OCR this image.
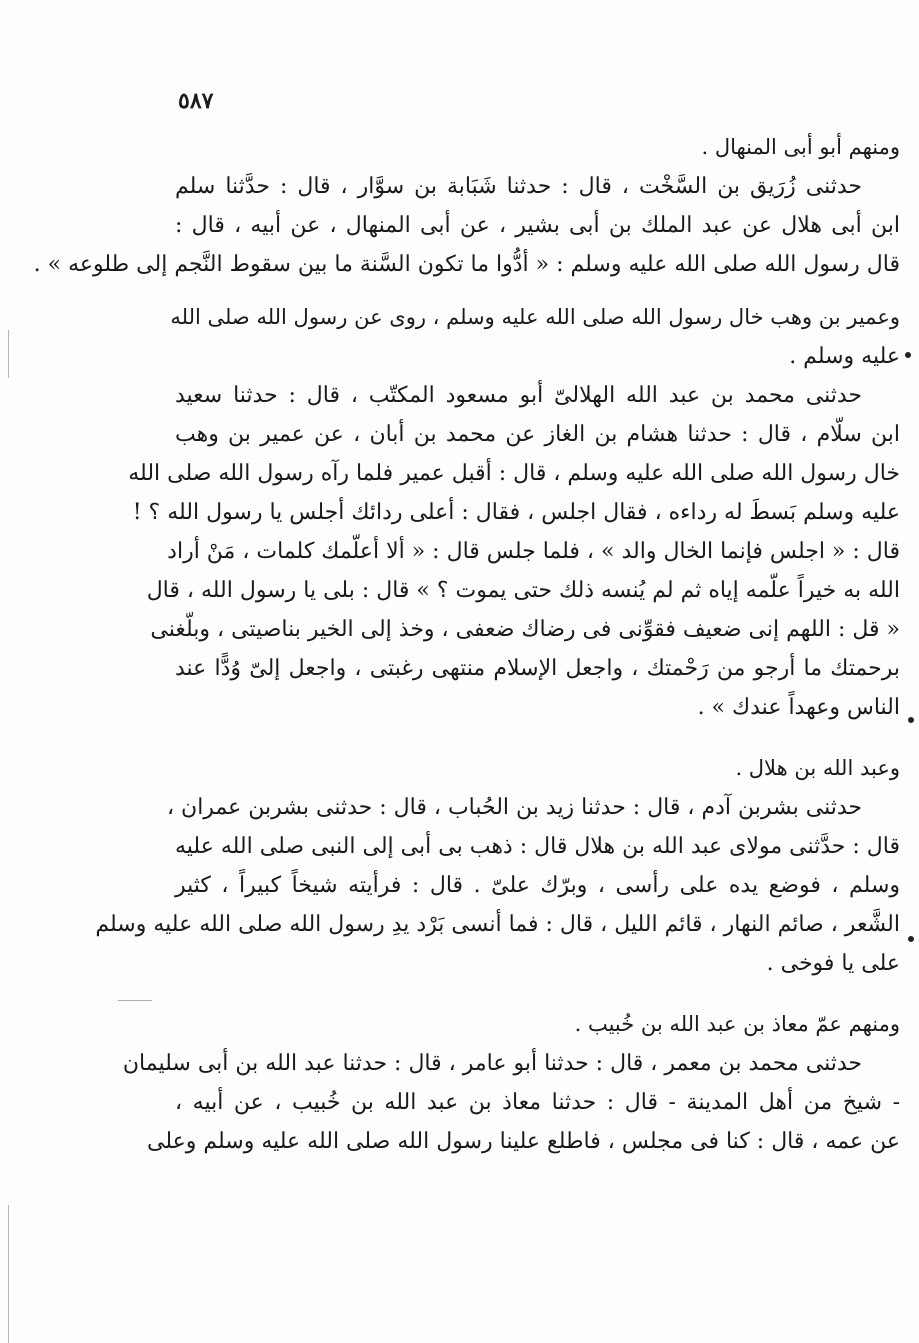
٥٨٧
ومنهم أبو أبى المنهال .
حدثنى زُرَيق بن السَّخْت ، قال : حدثنا شَبَابة بن سوَّار ، قال : حدَّثنا سلم
ابن أبى هلال عن عبد الملك بن أبى بشير ، عن أبى المنهال ، عن أبيه ، قال :
قال رسول الله صلى الله عليه وسلم : « أدُّوا ما تكون السَّنة ما بين سقوط النَّجم إلى طلوعه » .
وعمير بن وهب خال رسول الله صلى الله عليه وسلم ، روى عن رسول الله صلى الله
عليه وسلم .
حدثنى محمد بن عبد الله الهلالىّ أبو مسعود المكتّب ، قال : حدثنا سعيد
ابن سلّام ، قال : حدثنا هشام بن الغاز عن محمد بن أبان ، عن عمير بن وهب
خال رسول الله صلى الله عليه وسلم ، قال : أقبل عمير فلما رآه رسول الله صلى الله
عليه وسلم بَسطَ له رداءه ، فقال اجلس ، فقال : أعلى ردائك أجلس يا رسول الله ؟ !
قال : « اجلس فإنما الخال والد » ، فلما جلس قال : « ألا أعلّمك كلمات ، مَنْ أراد
الله به خيراً علّمه إياه ثم لم يُنسه ذلك حتى يموت ؟ » قال : بلى يا رسول الله ، قال
« قل : اللهم إنى ضعيف فقوِّنى فى رضاك ضعفى ، وخذ إلى الخير بناصيتى ، وبلّغنى
برحمتك ما أرجو من رَحْمتك ، واجعل الإسلام منتهى رغبتى ، واجعل إلىّ وُدًّا عند
الناس وعهداً عندك » .
وعبد الله بن هلال .
حدثنى بشربن آدم ، قال : حدثنا زيد بن الحُباب ، قال : حدثنى بشربن عمران ،
قال : حدَّثنى مولاى عبد الله بن هلال قال : ذهب بى أبى إلى النبى صلى الله عليه
وسلم ، فوضع يده على رأسى ، وبرّك علىّ . قال : فرأيته شيخاً كبيراً ، كثير
الشَّعر ، صائم النهار ، قائم الليل ، قال : فما أنسى بَرْد يدِ رسول الله صلى الله عليه وسلم
على يا فوخى .
ومنهم عمّ معاذ بن عبد الله بن خُبيب .
حدثنى محمد بن معمر ، قال : حدثنا أبو عامر ، قال : حدثنا عبد الله بن أبى سليمان
- شيخ من أهل المدينة - قال : حدثنا معاذ بن عبد الله بن خُبيب ، عن أبيه ،
عن عمه ، قال : كنا فى مجلس ، فاطلع علينا رسول الله صلى الله عليه وسلم وعلى
